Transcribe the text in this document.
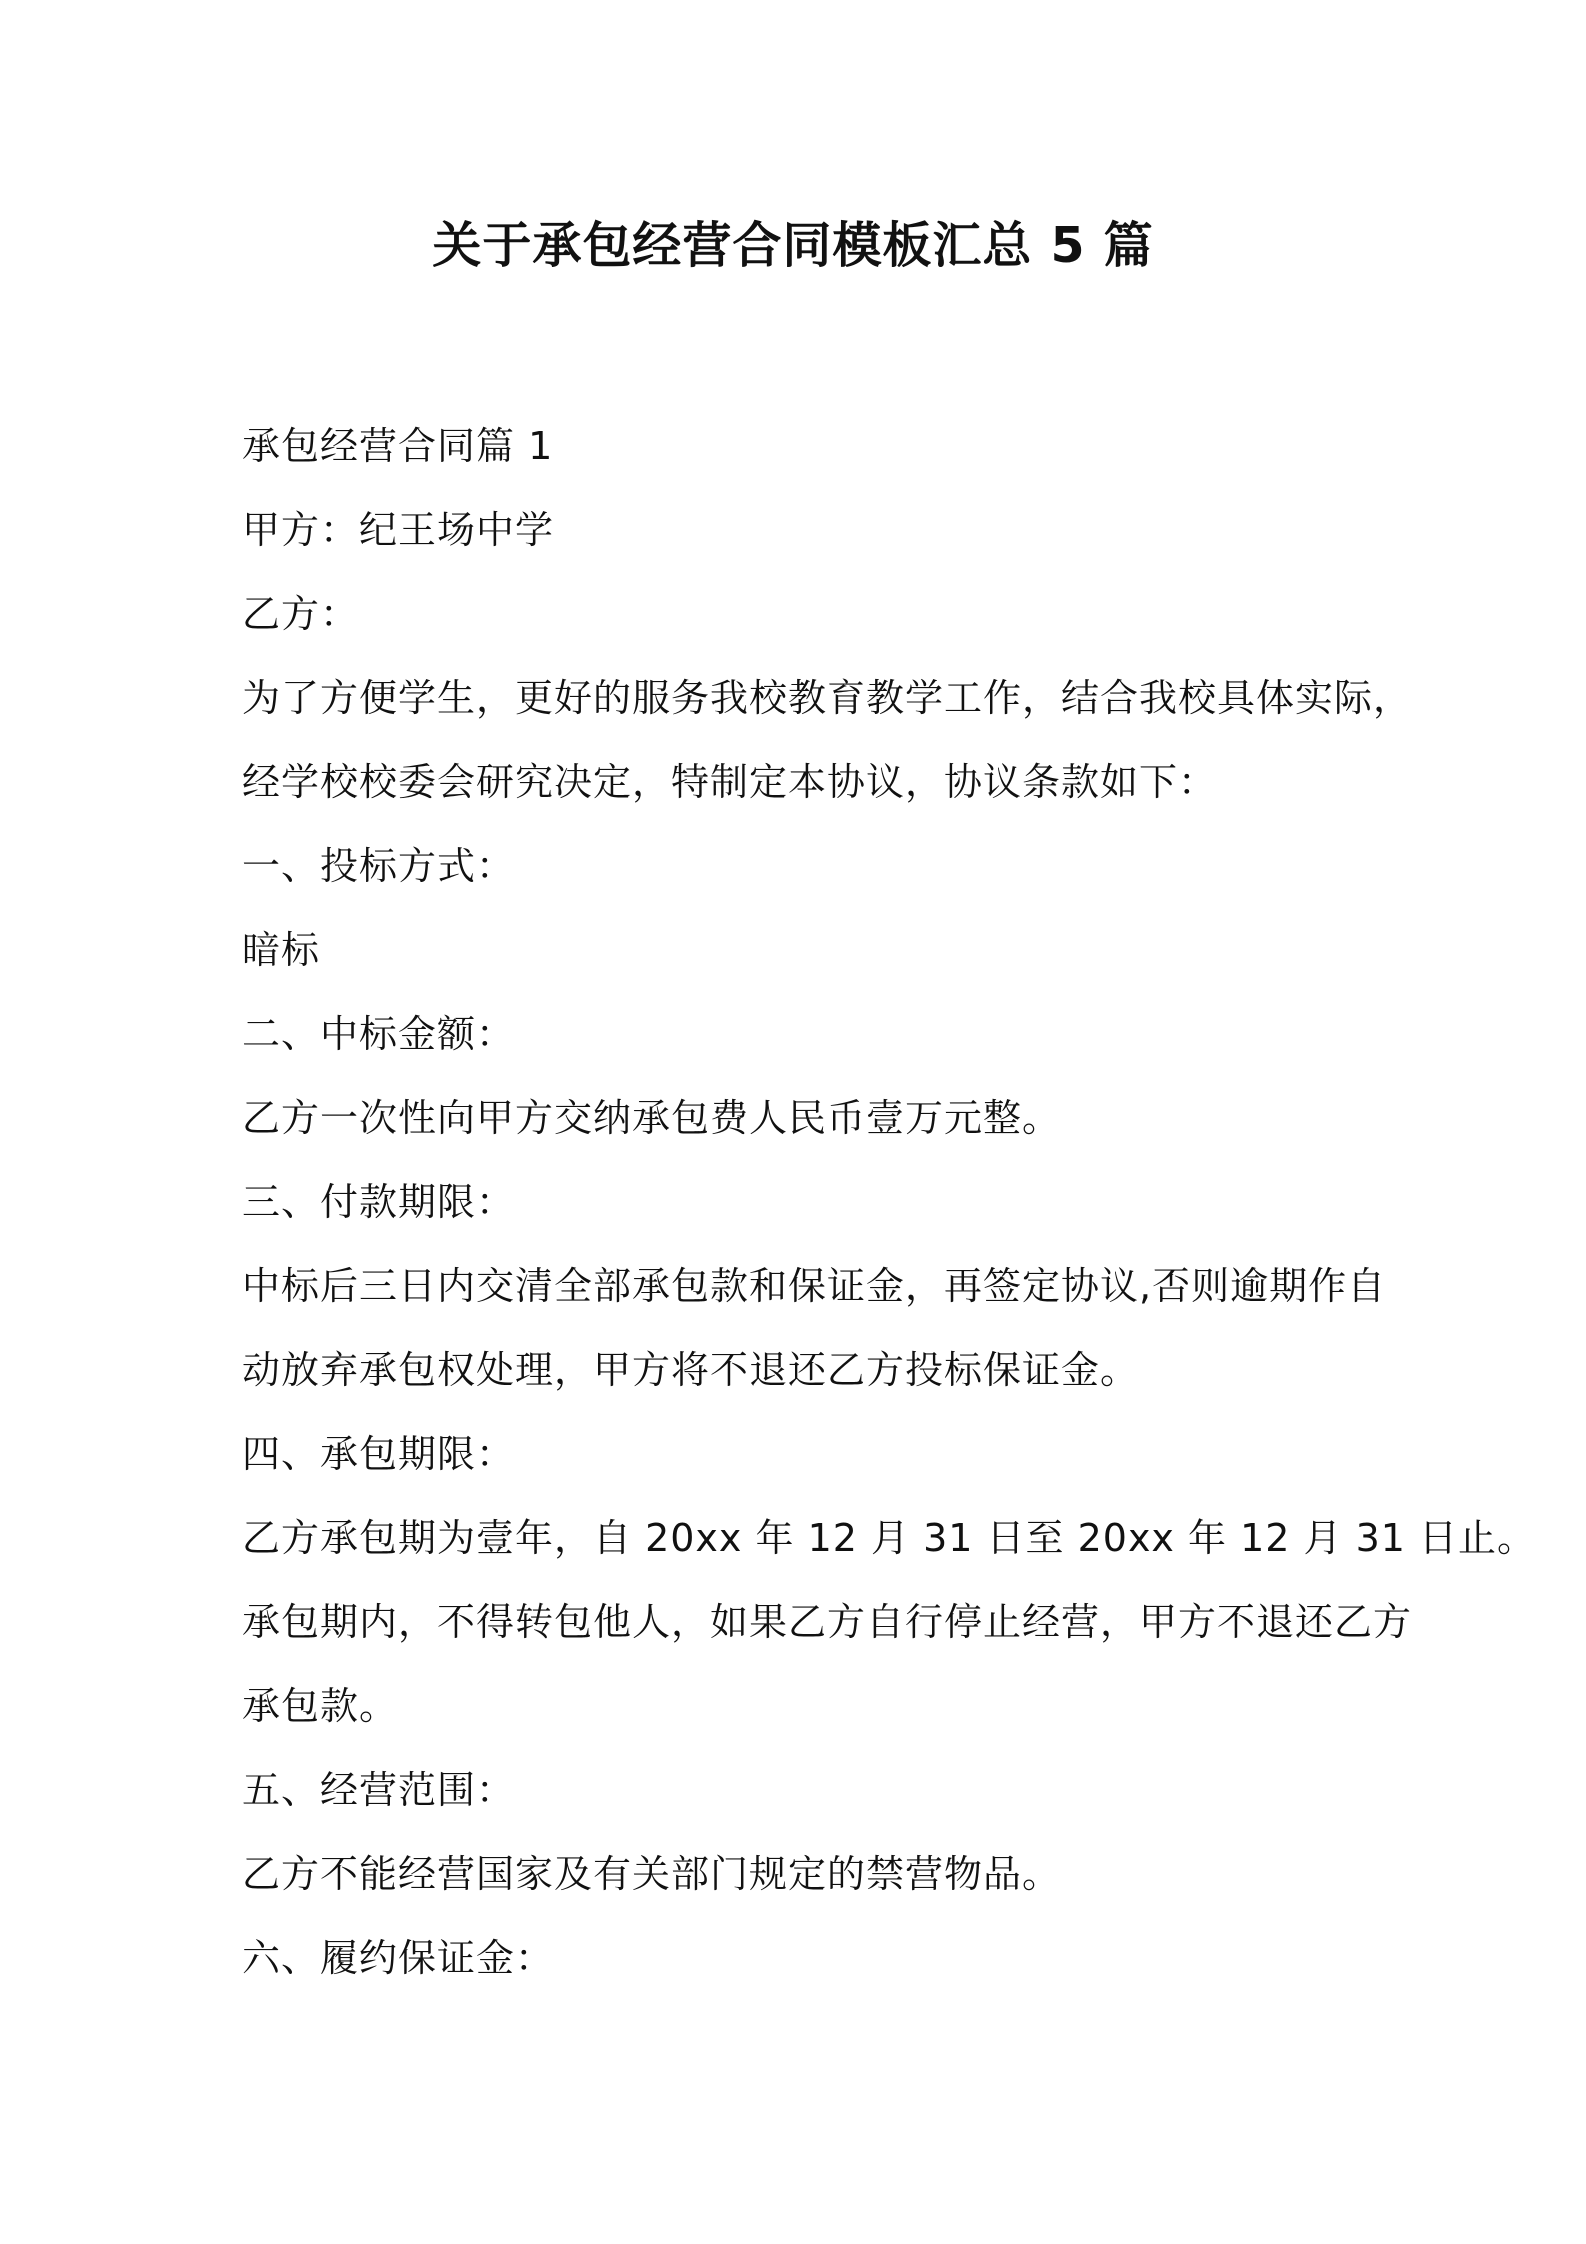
关于承包经营合同模板汇总 5 篇
承包经营合同篇 1
甲方：纪王场中学
乙方：
为了方便学生，更好的服务我校教育教学工作，结合我校具体实际，
经学校校委会研究决定，特制定本协议，协议条款如下：
一、投标方式：
暗标
二、中标金额：
乙方一次性向甲方交纳承包费人民币壹万元整。
三、付款期限：
中标后三日内交清全部承包款和保证金，再签定协议,否则逾期作自
动放弃承包权处理，甲方将不退还乙方投标保证金。
四、承包期限：
乙方承包期为壹年，自 20xx 年 12 月 31 日至 20xx 年 12 月 31 日止。
承包期内，不得转包他人，如果乙方自行停止经营，甲方不退还乙方
承包款。
五、经营范围：
乙方不能经营国家及有关部门规定的禁营物品。
六、履约保证金：
